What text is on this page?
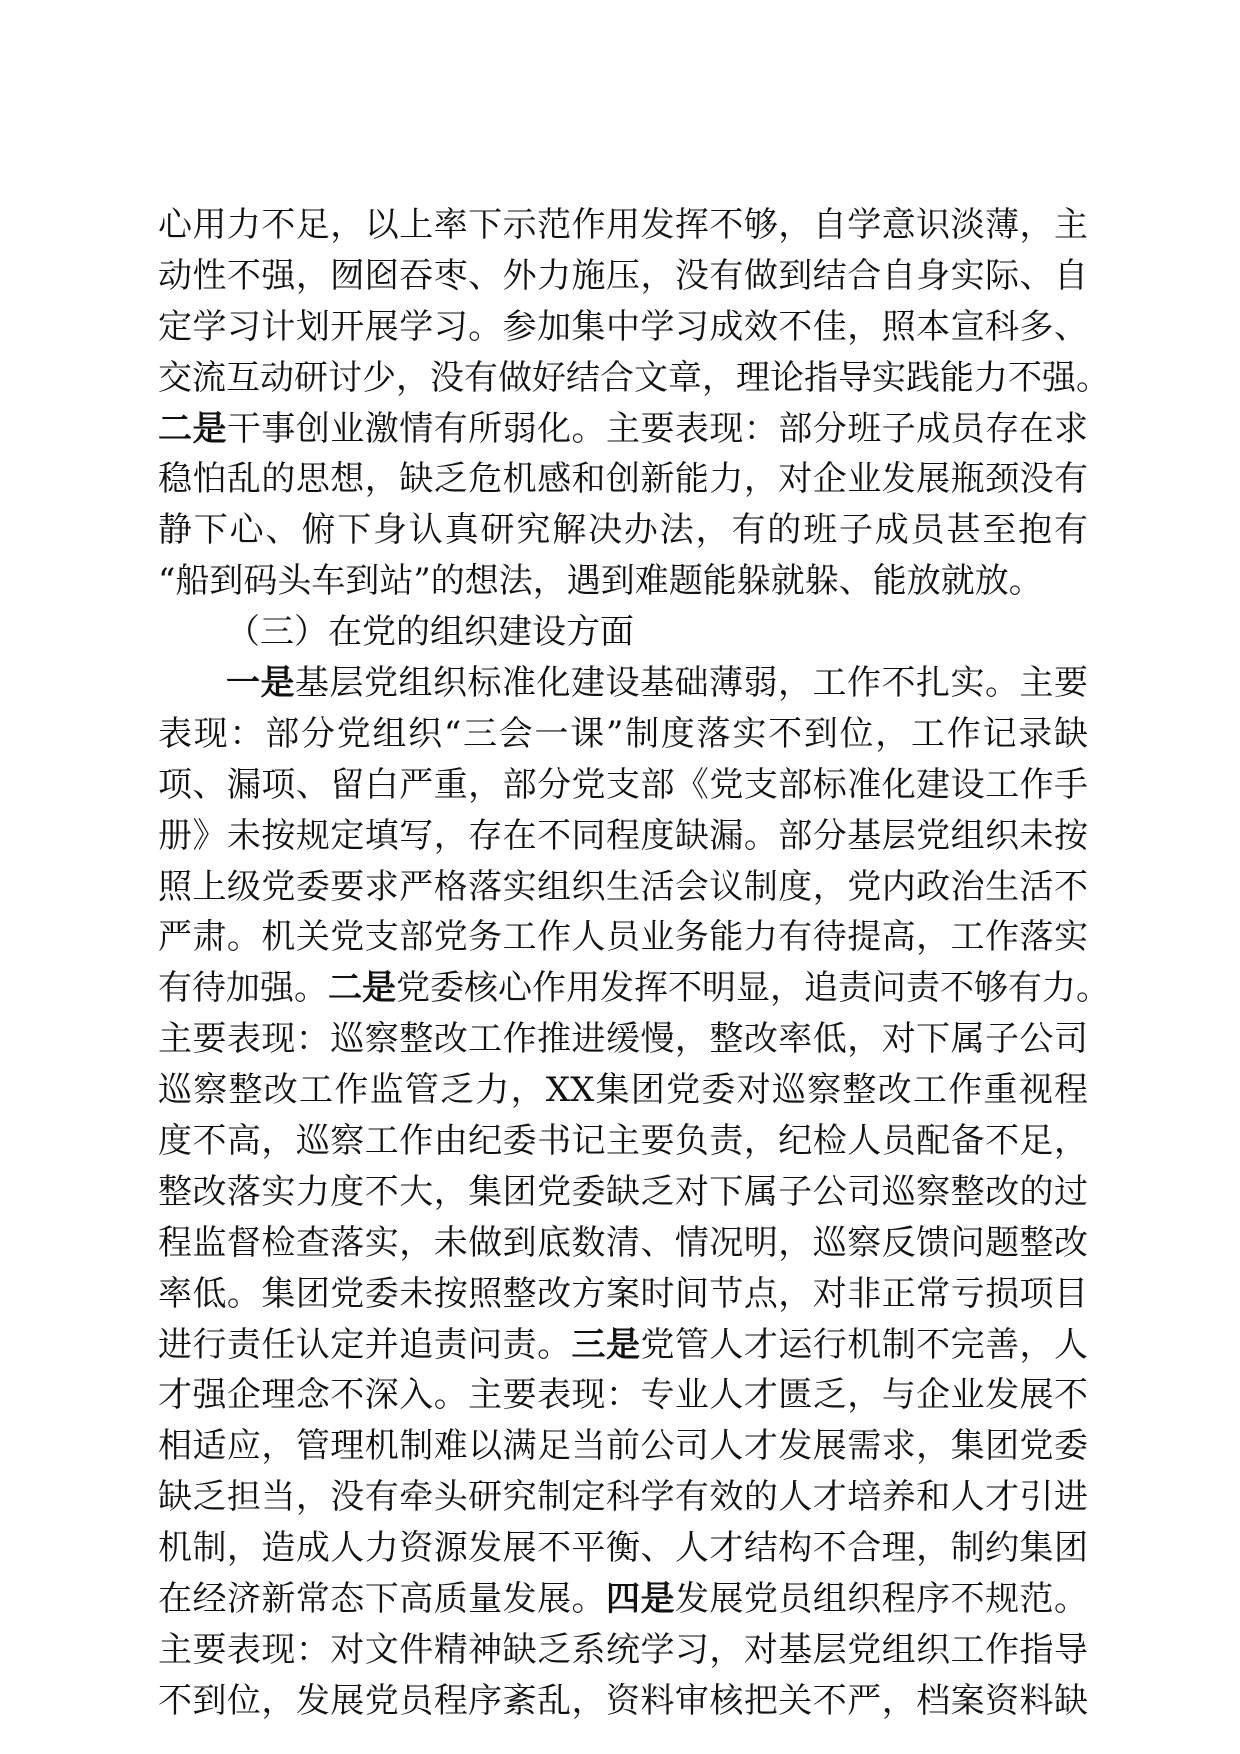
心用力不足，以上率下示范作用发挥不够，自学意识淡薄，主
动性不强，囫囵吞枣、外力施压，没有做到结合自身实际、自
定学习计划开展学习。参加集中学习成效不佳，照本宣科多、
交流互动研讨少，没有做好结合文章，理论指导实践能力不强。
二是干事创业激情有所弱化。主要表现：部分班子成员存在求
稳怕乱的思想，缺乏危机感和创新能力，对企业发展瓶颈没有
静下心、俯下身认真研究解决办法，有的班子成员甚至抱有
“船到码头车到站”的想法，遇到难题能躲就躲、能放就放。
（三）在党的组织建设方面
一是基层党组织标准化建设基础薄弱，工作不扎实。主要
表现：部分党组织“三会一课”制度落实不到位，工作记录缺
项、漏项、留白严重，部分党支部《党支部标准化建设工作手
册》未按规定填写，存在不同程度缺漏。部分基层党组织未按
照上级党委要求严格落实组织生活会议制度，党内政治生活不
严肃。机关党支部党务工作人员业务能力有待提高，工作落实
有待加强。二是党委核心作用发挥不明显，追责问责不够有力。
主要表现：巡察整改工作推进缓慢，整改率低，对下属子公司
巡察整改工作监管乏力，XX集团党委对巡察整改工作重视程
度不高，巡察工作由纪委书记主要负责，纪检人员配备不足，
整改落实力度不大，集团党委缺乏对下属子公司巡察整改的过
程监督检查落实，未做到底数清、情况明，巡察反馈问题整改
率低。集团党委未按照整改方案时间节点，对非正常亏损项目
进行责任认定并追责问责。三是党管人才运行机制不完善，人
才强企理念不深入。主要表现：专业人才匮乏，与企业发展不
相适应，管理机制难以满足当前公司人才发展需求，集团党委
缺乏担当，没有牵头研究制定科学有效的人才培养和人才引进
机制，造成人力资源发展不平衡、人才结构不合理，制约集团
在经济新常态下高质量发展。四是发展党员组织程序不规范。
主要表现：对文件精神缺乏系统学习，对基层党组织工作指导
不到位，发展党员程序紊乱，资料审核把关不严，档案资料缺
